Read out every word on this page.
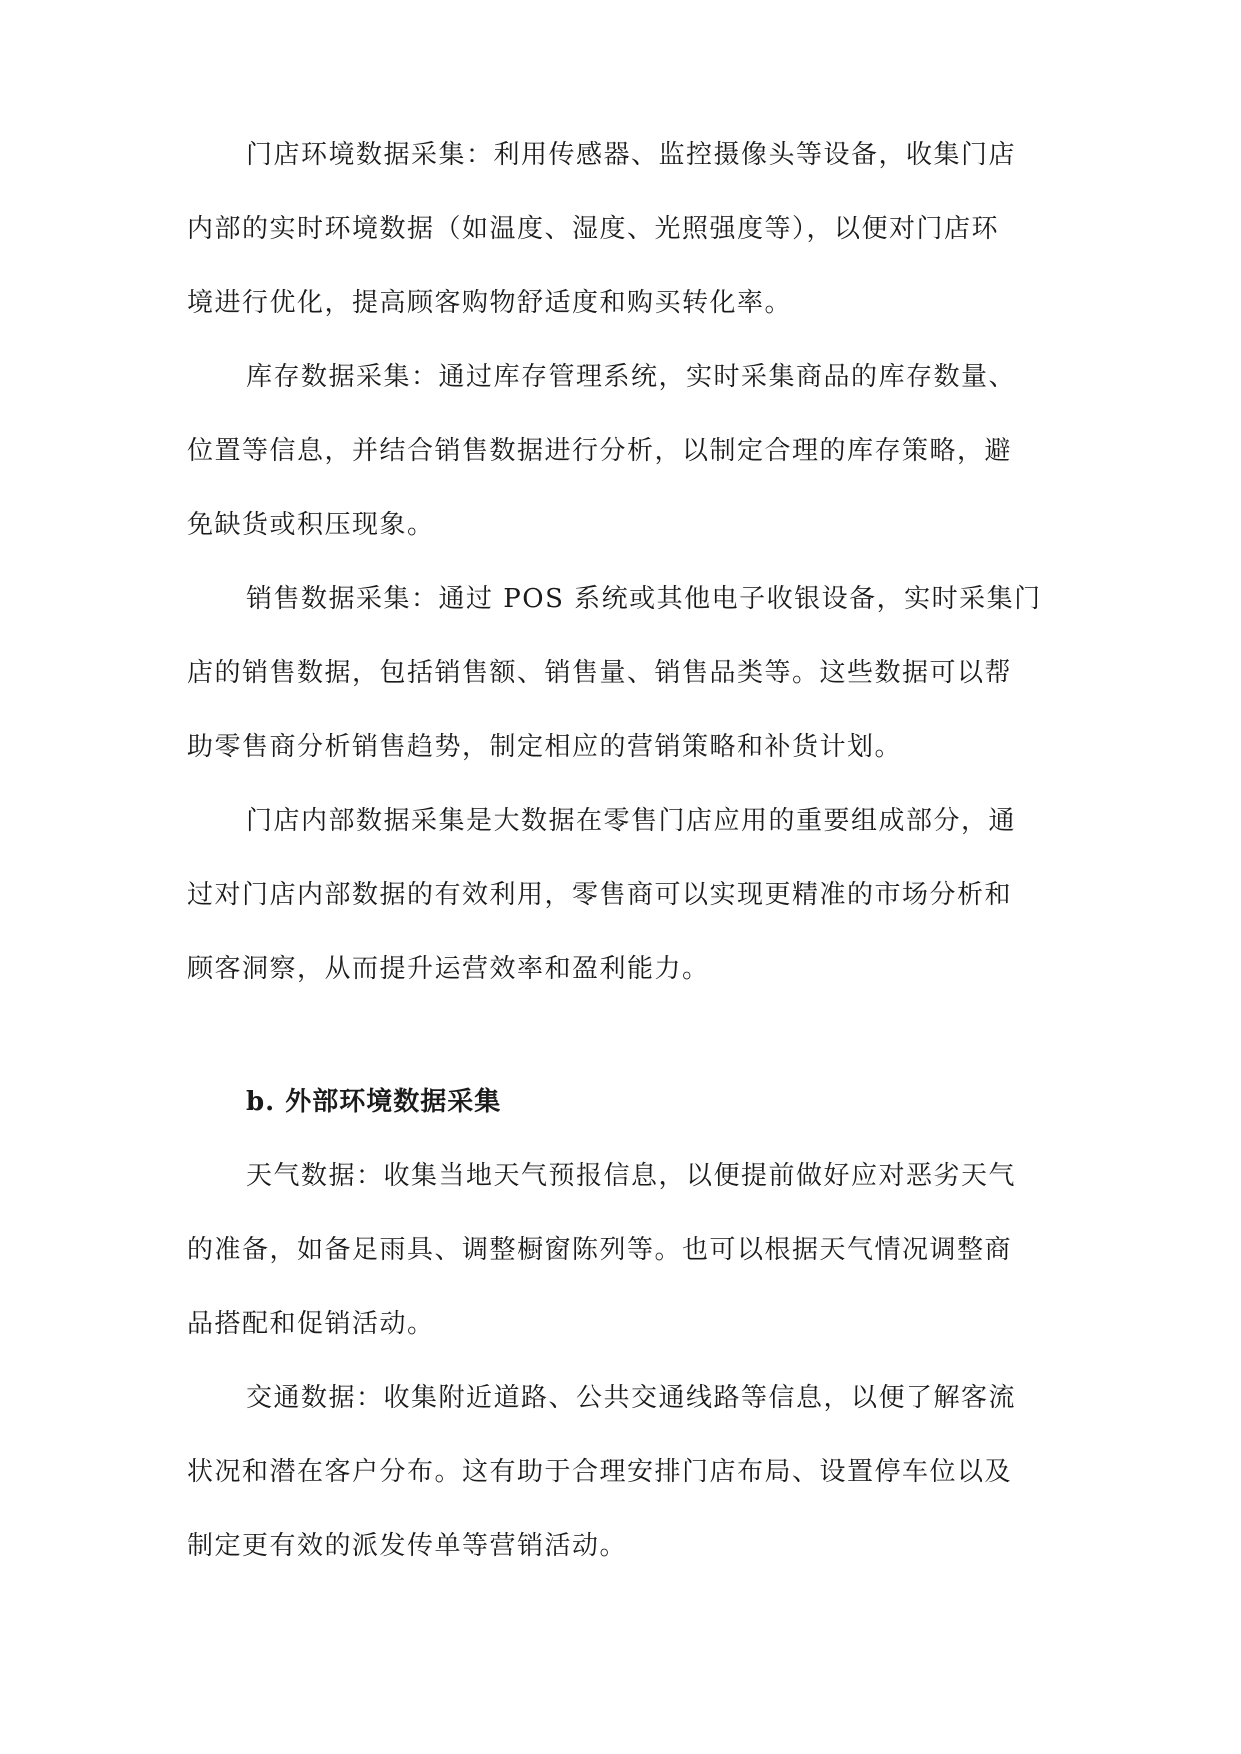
门店环境数据采集：利用传感器、监控摄像头等设备，收集门店
内部的实时环境数据（如温度、湿度、光照强度等），以便对门店环
境进行优化，提高顾客购物舒适度和购买转化率。
库存数据采集：通过库存管理系统，实时采集商品的库存数量、
位置等信息，并结合销售数据进行分析，以制定合理的库存策略，避
免缺货或积压现象。
销售数据采集：通过 POS 系统或其他电子收银设备，实时采集门
店的销售数据，包括销售额、销售量、销售品类等。这些数据可以帮
助零售商分析销售趋势，制定相应的营销策略和补货计划。
门店内部数据采集是大数据在零售门店应用的重要组成部分，通
过对门店内部数据的有效利用，零售商可以实现更精准的市场分析和
顾客洞察，从而提升运营效率和盈利能力。
b. 外部环境数据采集
天气数据：收集当地天气预报信息，以便提前做好应对恶劣天气
的准备，如备足雨具、调整橱窗陈列等。也可以根据天气情况调整商
品搭配和促销活动。
交通数据：收集附近道路、公共交通线路等信息，以便了解客流
状况和潜在客户分布。这有助于合理安排门店布局、设置停车位以及
制定更有效的派发传单等营销活动。
